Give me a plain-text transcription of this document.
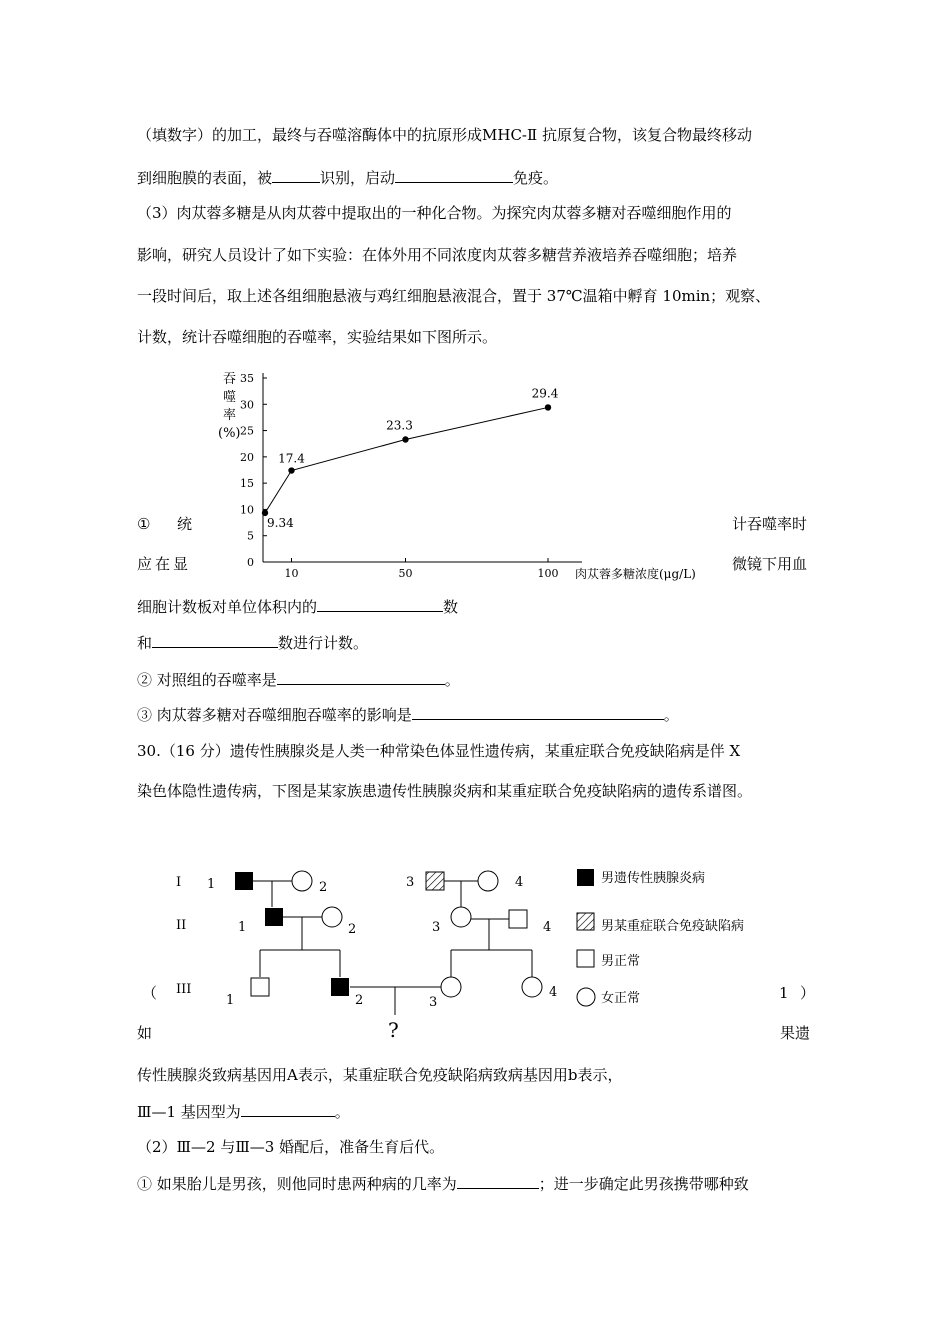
（填数字）的加工，最终与吞噬溶酶体中的抗原形成MHC-Ⅱ 抗原复合物，该复合物最终移动
到细胞膜的表面，被	识别，启动	免疫。
（3）肉苁蓉多糖是从肉苁蓉中提取出的一种化合物。为探究肉苁蓉多糖对吞噬细胞作用的
影响，研究人员设计了如下实验：在体外用不同浓度肉苁蓉多糖营养液培养吞噬细胞；培养
一段时间后，取上述各组细胞悬液与鸡红细胞悬液混合，置于 37℃温箱中孵育 10min；观察、
计数，统计吞噬细胞的吞噬率，实验结果如下图所示。
吞
噬
率
(%)
35
30
25
20
15
10
5
0
10	50	100 肉苁蓉多糖浓度(μg/L)
9.34
17.4
23.3
29.4
① 统	计吞噬率时
应在显	微镜下用血
细胞计数板对单位体积内的	数
和	数进行计数。
② 对照组的吞噬率是	。
③ 肉苁蓉多糖对吞噬细胞吞噬率的影响是	。
30.（16 分）遗传性胰腺炎是人类一种常染色体显性遗传病，某重症联合免疫缺陷病是伴 X
染色体隐性遗传病，下图是某家族患遗传性胰腺炎病和某重症联合免疫缺陷病的遗传系谱图。
I
II
III
1	2	3	4
1	2	3	4
1	2	3
4
?
男遗传性胰腺炎病
男某重症联合免疫缺陷病
男正常
女正常
（	1 ）
如	果遗
传性胰腺炎致病基因用A表示，某重症联合免疫缺陷病致病基因用b表示，
Ⅲ—1 基因型为	。
（2）Ⅲ—2 与Ⅲ—3 婚配后，准备生育后代。
① 如果胎儿是男孩，则他同时患两种病的几率为	；进一步确定此男孩携带哪种致
